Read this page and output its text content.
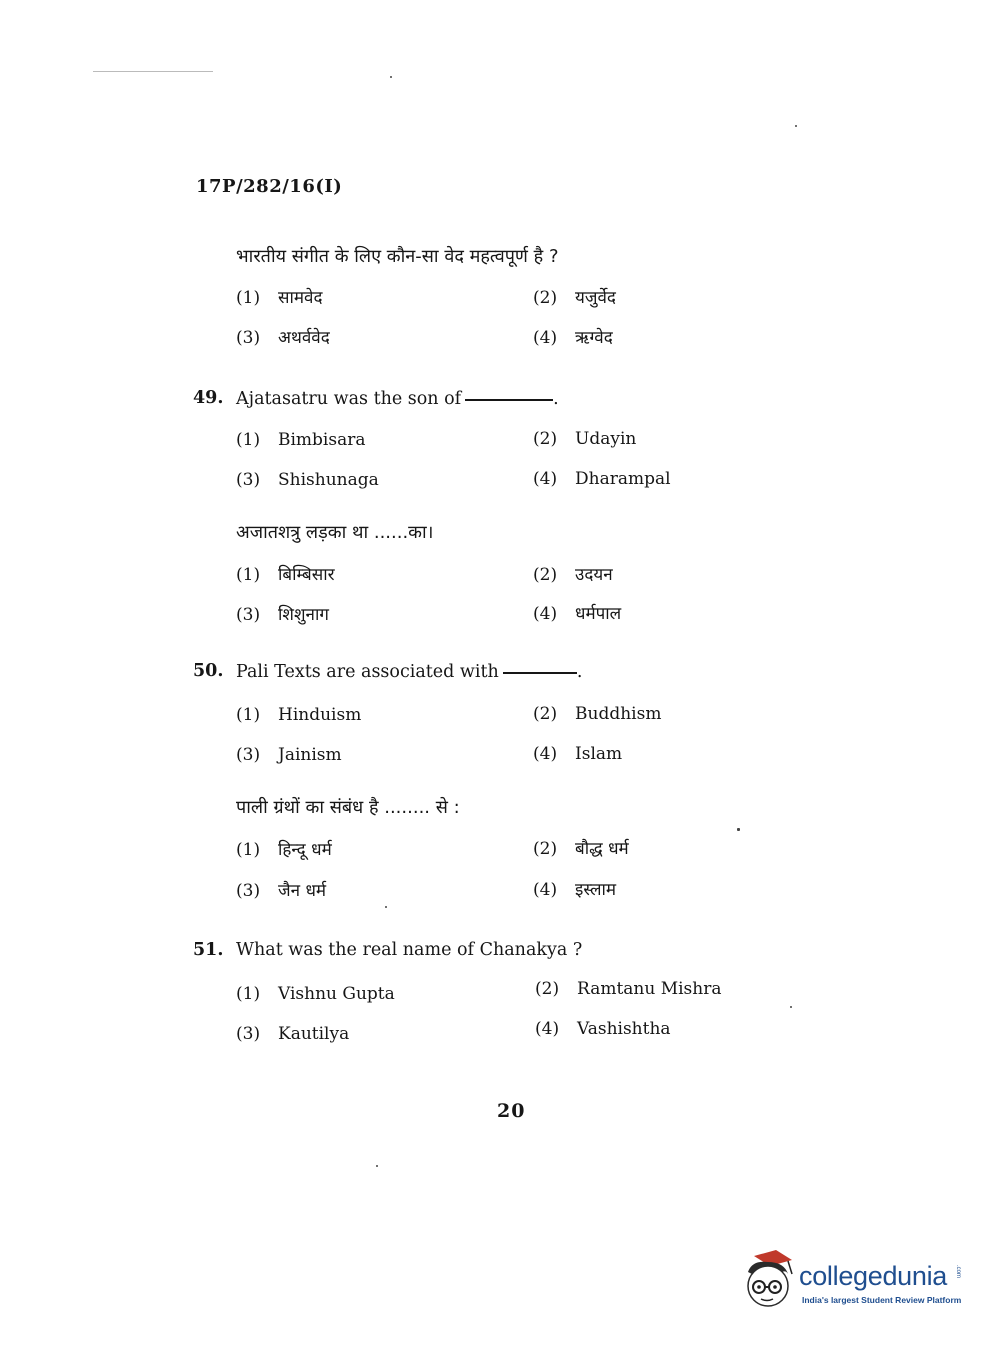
17P/282/16(I)
भारतीय संगीत के लिए कौन-सा वेद महत्वपूर्ण है ?
(1) सामवेद	(2) यजुर्वेद
(3) अथर्ववेद	(4) ऋग्वेद
49. Ajatasatru was the son of	.
(1) Bimbisara	(2) Udayin
(3) Shishunaga	(4) Dharampal
अजातशत्रु लड़का था ......का।
(1) बिम्बिसार	(2) उदयन
(3) शिशुनाग	(4) धर्मपाल
50. Pali Texts are associated with	.
(1) Hinduism	(2) Buddhism
(3) Jainism	(4) Islam
पाली ग्रंथों का संबंध है ........ से :
(1) हिन्दू धर्म	(2) बौद्ध धर्म
(3) जैन धर्म	(4) इस्लाम
51. What was the real name of Chanakya ?
(1) Vishnu Gupta	(2) Ramtanu Mishra
(3) Kautilya	(4) Vashishtha
20
collegedunia .com
India's largest Student Review Platform
